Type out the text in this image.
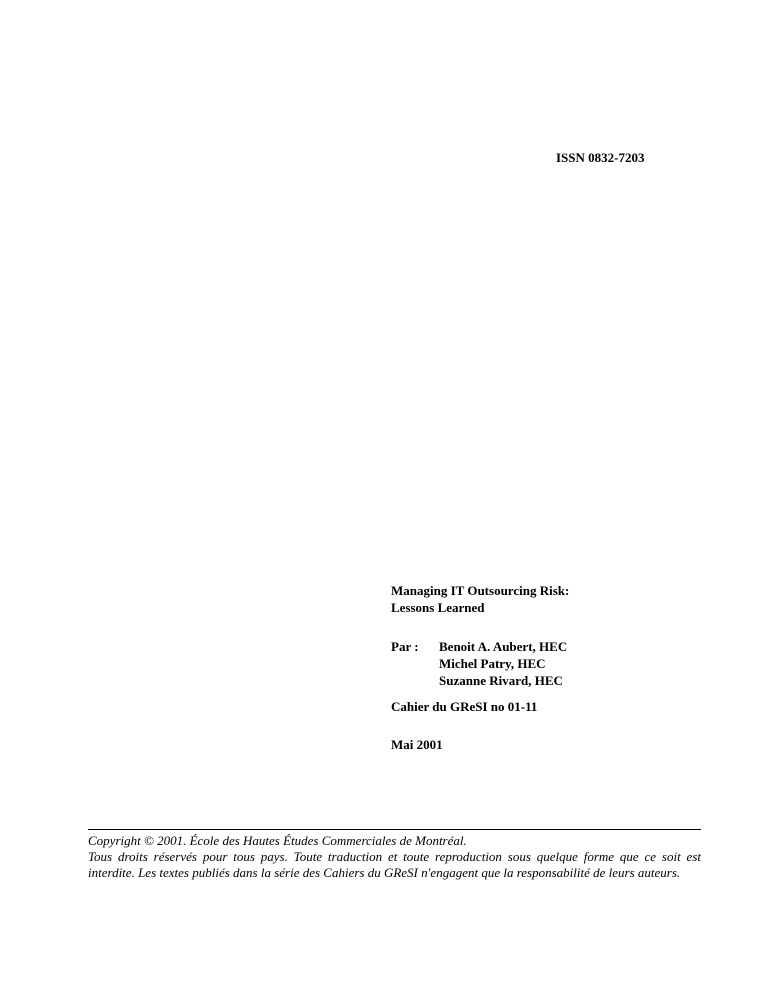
ISSN 0832-7203
Managing IT Outsourcing Risk:
Lessons Learned
Par : Benoit A. Aubert, HEC
Michel Patry, HEC
Suzanne Rivard, HEC
Cahier du GReSI no 01-11
Mai 2001

Copyright © 2001. École des Hautes Études Commerciales de Montréal.

Tous droits réservés pour tous pays. Toute traduction et toute reproduction sous quelque forme que ce soit est interdite. Les textes publiés dans la série des Cahiers du GReSI n'engagent que la responsabilité de leurs auteurs.
